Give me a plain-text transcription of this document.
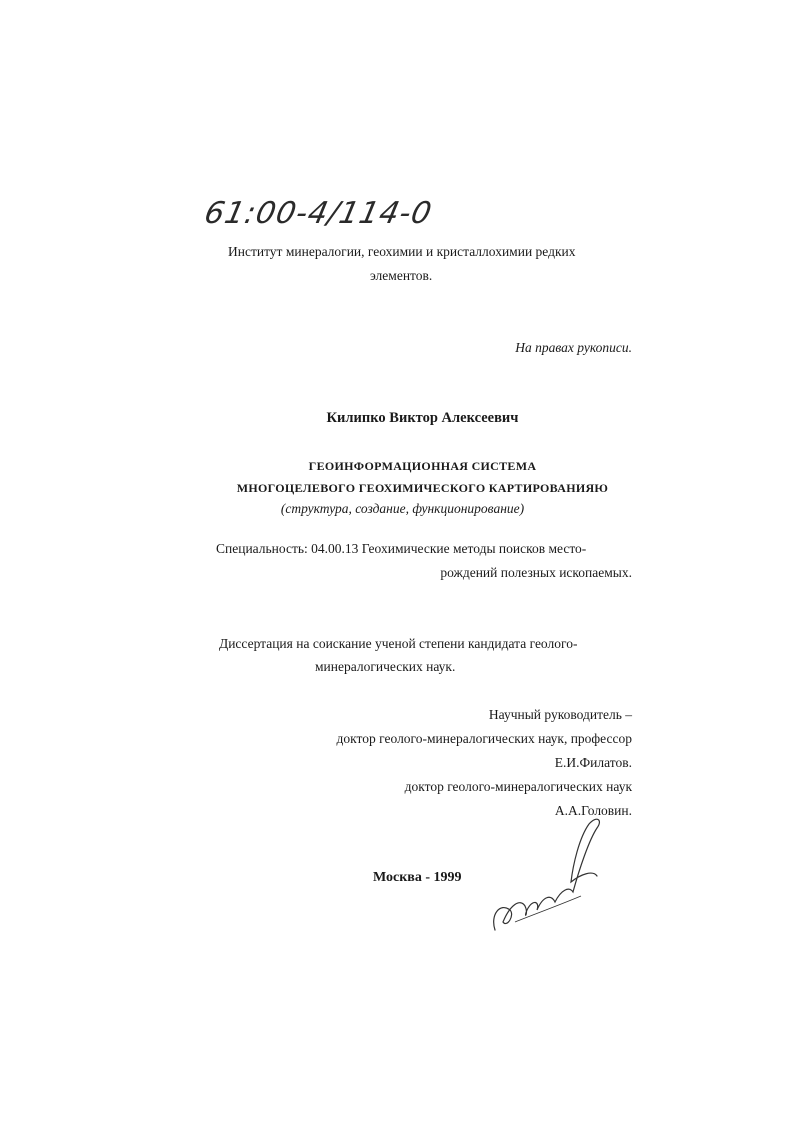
61:00-4/114-0
Институт минералогии, геохимии и кристаллохимии редких
элементов.
На правах рукописи.
Килипко Виктор Алексеевич
ГЕОИНФОРМАЦИОННАЯ СИСТЕМА
МНОГОЦЕЛЕВОГО ГЕОХИМИЧЕСКОГО КАРТИРОВАНИЯЮ
(структура, создание, функционирование)
Специальность: 04.00.13 Геохимические методы поисков место-
рождений полезных ископаемых.
Диссертация на соискание ученой степени кандидата геолого-
минералогических наук.
Научный руководитель –
доктор геолого-минералогических наук, профессор
Е.И.Филатов.
доктор геолого-минералогических наук
А.А.Головин.
Москва - 1999
